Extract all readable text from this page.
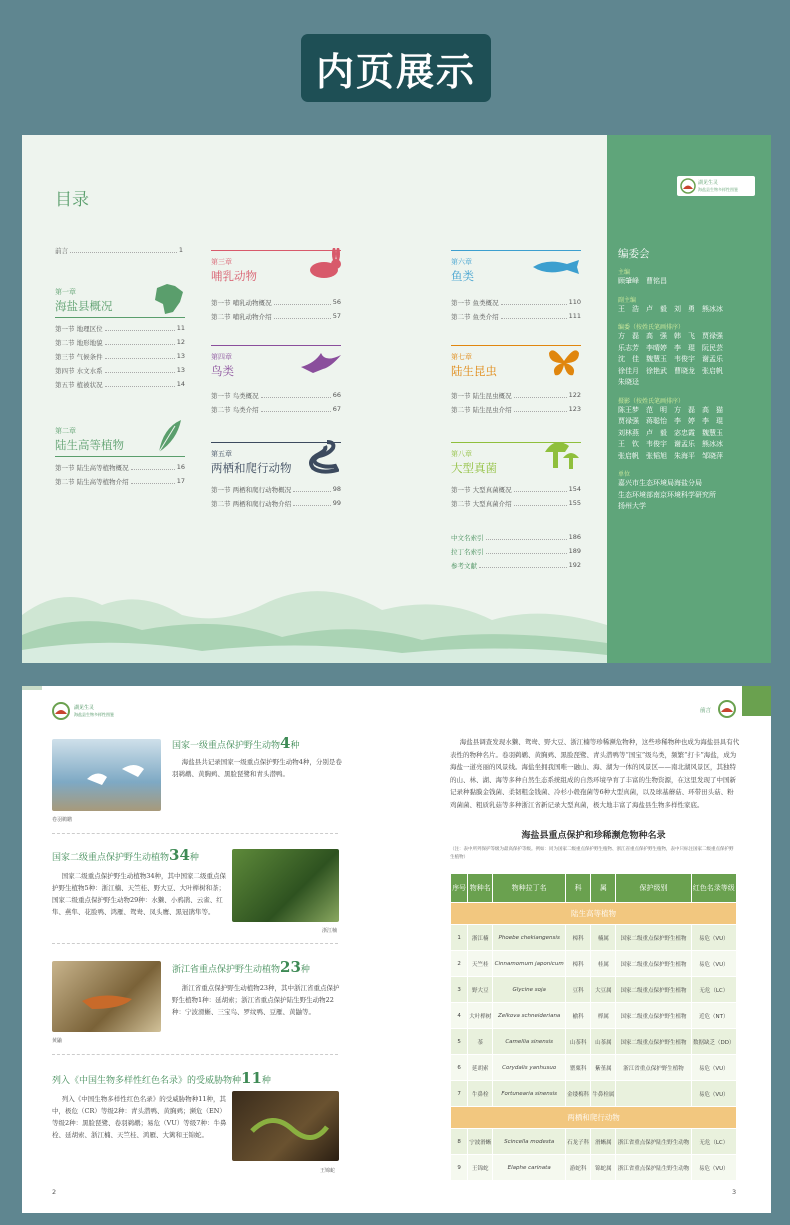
内页展示
目录
前言	1
第一章
海盐县概况
第一节 地理区位	11
第二节 地形地貌	12
第三节 气候条件	13
第四节 水文水系	13
第五节 植被状况	14
第二章
陆生高等植物
第一节 陆生高等植物概况	16
第二节 陆生高等植物介绍	17
第三章
哺乳动物
第一节 哺乳动物概况	56
第二节 哺乳动物介绍	57
第四章
鸟类
第一节 鸟类概况	66
第二节 鸟类介绍	67
第五章
两栖和爬行动物
第一节 两栖和爬行动物概况	98
第二节 两栖和爬行动物介绍	99
第六章
鱼类
第一节 鱼类概况	110
第二节 鱼类介绍	111
第七章
陆生昆虫
第一节 陆生昆虫概况	122
第二节 陆生昆虫介绍	123
第八章
大型真菌
第一节 大型真菌概况	154
第二节 大型真菌介绍	155
中文名索引	186
拉丁名索引	189
参考文献	192
湖见生灵
海盐县生物多样性图鉴
编委会
主编
顾肇峰　曹铭昌
副主编
王　浩　卢　毅　刘　勇　熊冰冰
编委（按姓氏笔画排序）
方　磊　高　强　韩　飞　贾禄强
乐志芳　李晴婷　李　琨　阮民芸
沈　佳　魏慧玉　韦俊宇　谢孟乐
徐佳月　徐艳武　曹晓龙　张启帆
朱晓迳
摄影（按姓氏笔画排序）
陈王梦　范　明　方　磊　高　猫
贾禄强　蒋聪怡　李　婷　李　琨
刘林燕　卢　毅　宓忠霞　魏慧玉
王　钦　韦俊宇　谢孟乐　熊冰冰
张启帆　张韬旭　朱海平　邹晓萍
单位
嘉兴市生态环境局海盐分局
生态环境部南京环境科学研究所
扬州大学
湖见生灵
海盐县生物多样性图鉴
卷羽鹈鹕
国家一级重点保护野生动物4种
海盐县共记录国家一级重点保护野生动物4种，分别是卷羽鹈鹕、黄胸鹀、黑脸琵鹭和青头潜鸭。
国家二级重点保护野生动植物34种
国家二级重点保护野生动植物34种，其中国家二级重点保护野生植物5种：浙江楠、天竺桂、野大豆、大叶榉树和茶；国家二级重点保护野生动物29种：水獭、小鸦鹃、云雀、红隼、燕隼、花脸鸭、鸿雁、鸳鸯、凤头鹰、黑冠鹃隼等。
浙江楠
黄鼬
浙江省重点保护野生动植物23种
浙江省重点保护野生动植物23种，其中浙江省重点保护野生植物1种：延胡索；浙江省重点保护陆生野生动物22种：宁波滑蜥、三宝鸟、罗纹鸭、豆雁、黄鼬等。
列入《中国生物多样性红色名录》的受威胁物种11种
列入《中国生物多样性红色名录》的受威胁物种11种，其中，极危（CR）等级2种：青头潜鸭、黄胸鹀；濒危（EN）等级2种：黑脸琵鹭、卷羽鹈鹕；易危（VU）等级7种：牛鼻栓、延胡索、浙江楠、天竺桂、鸿雁、大篱和王锦蛇。
王锦蛇
2
前言
海盐县调查发现水獭、鸳鸯、野大豆、浙江楠等珍稀濒危物种，这些珍稀物种也成为海盐县具有代表性的物种名片。卷羽鹈鹕、黄胸鹀、黑脸琵鹭、青头潜鸭等“国宝”级鸟类，频繁“打卡”海盐，成为海盐一道亮丽的风景线。海盐坐拥我国唯一融山、海、湖为一体的风景区——南北湖风景区，其独特的山、林、湖、海等多种自然生态系统组成的自然环境孕育了丰富的生物资源，在这里发现了中国新记录种黏膜金钱菌、柔韧粗金钱菌、冷杉小毂孢菌等6种大型真菌，以及球基蘑菇、环带田头菇、粉鸡菌菌、粗质乳菇等多种浙江省新记录大型真菌，极大地丰富了海盐县生物多样性家底。
海盐县重点保护和珍稀濒危物种名录
（注：表中所列保护等级为最高保护等级。例如：同为国家二级重点保护野生植物、浙江省重点保护野生植物，表中只标注国家二级重点保护野生植物）
序号	物种名	物种拉丁名	科	属	保护级别	红色名录等级
陆生高等植物						
1	浙江楠	Phoebe chekiangensis	樟科	楠属	国家二级重点保护野生植物	易危（VU）
2	天竺桂	Cinnamomum japonicum	樟科	桂属	国家二级重点保护野生植物	易危（VU）
3	野大豆	Glycine soja	豆科	大豆属	国家二级重点保护野生植物	无危（LC）
4	大叶榉树	Zelkova schneideriana	榆科	榉属	国家二级重点保护野生植物	近危（NT）
5	茶	Camellia sinensis	山茶科	山茶属	国家二级重点保护野生植物	数据缺乏（DD）
6	延胡索	Corydalis yanhusuo	罂粟科	紫堇属	浙江省重点保护野生植物	易危（VU）
7	牛鼻栓	Fortunearia sinensis	金缕梅科	牛鼻栓属		易危（VU）
两栖和爬行动物						
8	宁波滑蜥	Scincella modesta	石龙子科	滑蜥属	浙江省重点保护陆生野生动物	无危（LC）
9	王锦蛇	Elaphe carinata	游蛇科	锦蛇属	浙江省重点保护陆生野生动物	易危（VU）
3
